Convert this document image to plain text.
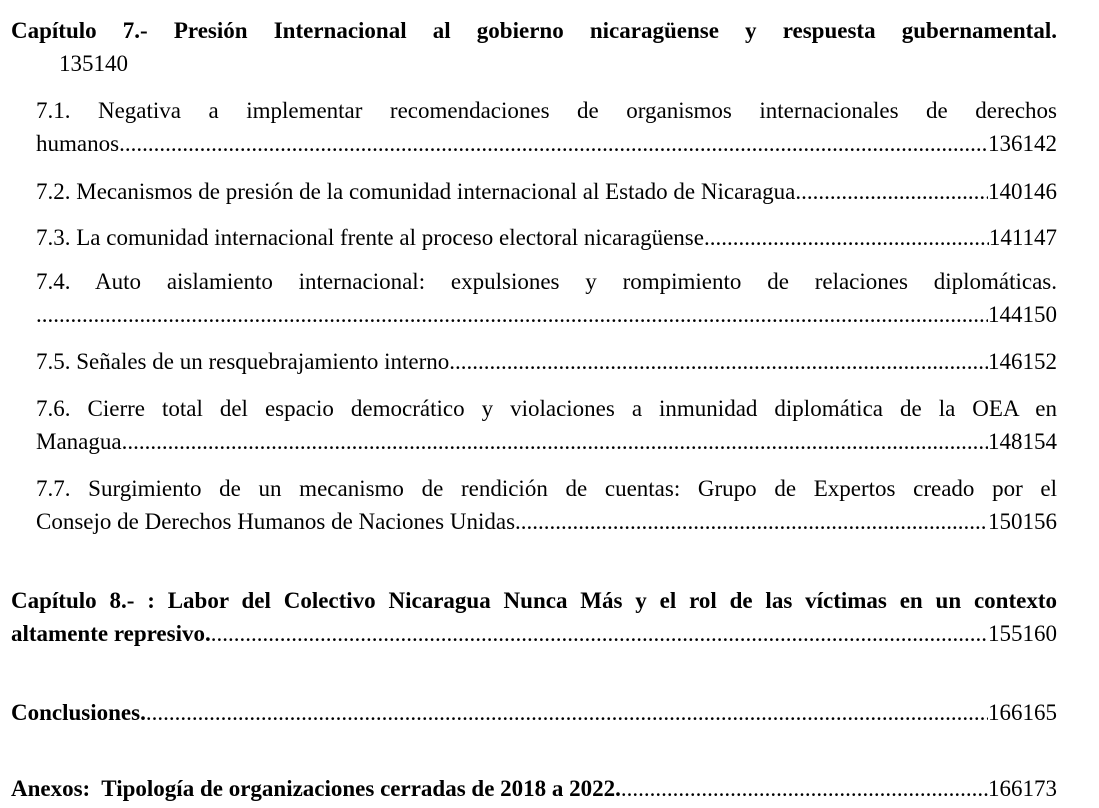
Capítulo 7.- Presión Internacional al gobierno nicaragüense y respuesta gubernamental.
135140
7.1. Negativa a implementar recomendaciones de organismos internacionales de derechos
humanos .....	136142
7.2. Mecanismos de presión de la comunidad internacional al Estado de Nicaragua. .....	140146
7.3. La comunidad internacional frente al proceso electoral nicaragüense .....	141147
7.4. Auto aislamiento internacional: expulsiones y rompimiento de relaciones diplomáticas.
.....
144150
7.5. Señales de un resquebrajamiento interno. .....	146152
7.6. Cierre total del espacio democrático y violaciones a inmunidad diplomática de la OEA en
Managua. .....	148154
7.7. Surgimiento de un mecanismo de rendición de cuentas: Grupo de Expertos creado por el
Consejo de Derechos Humanos de Naciones Unidas. .....	150156
Capítulo 8.- : Labor del Colectivo Nicaragua Nunca Más y el rol de las víctimas en un contexto
altamente represivo. .....	155160
Conclusiones. .....	166165
Anexos:  Tipología de organizaciones cerradas de 2018 a 2022. .....	166173
